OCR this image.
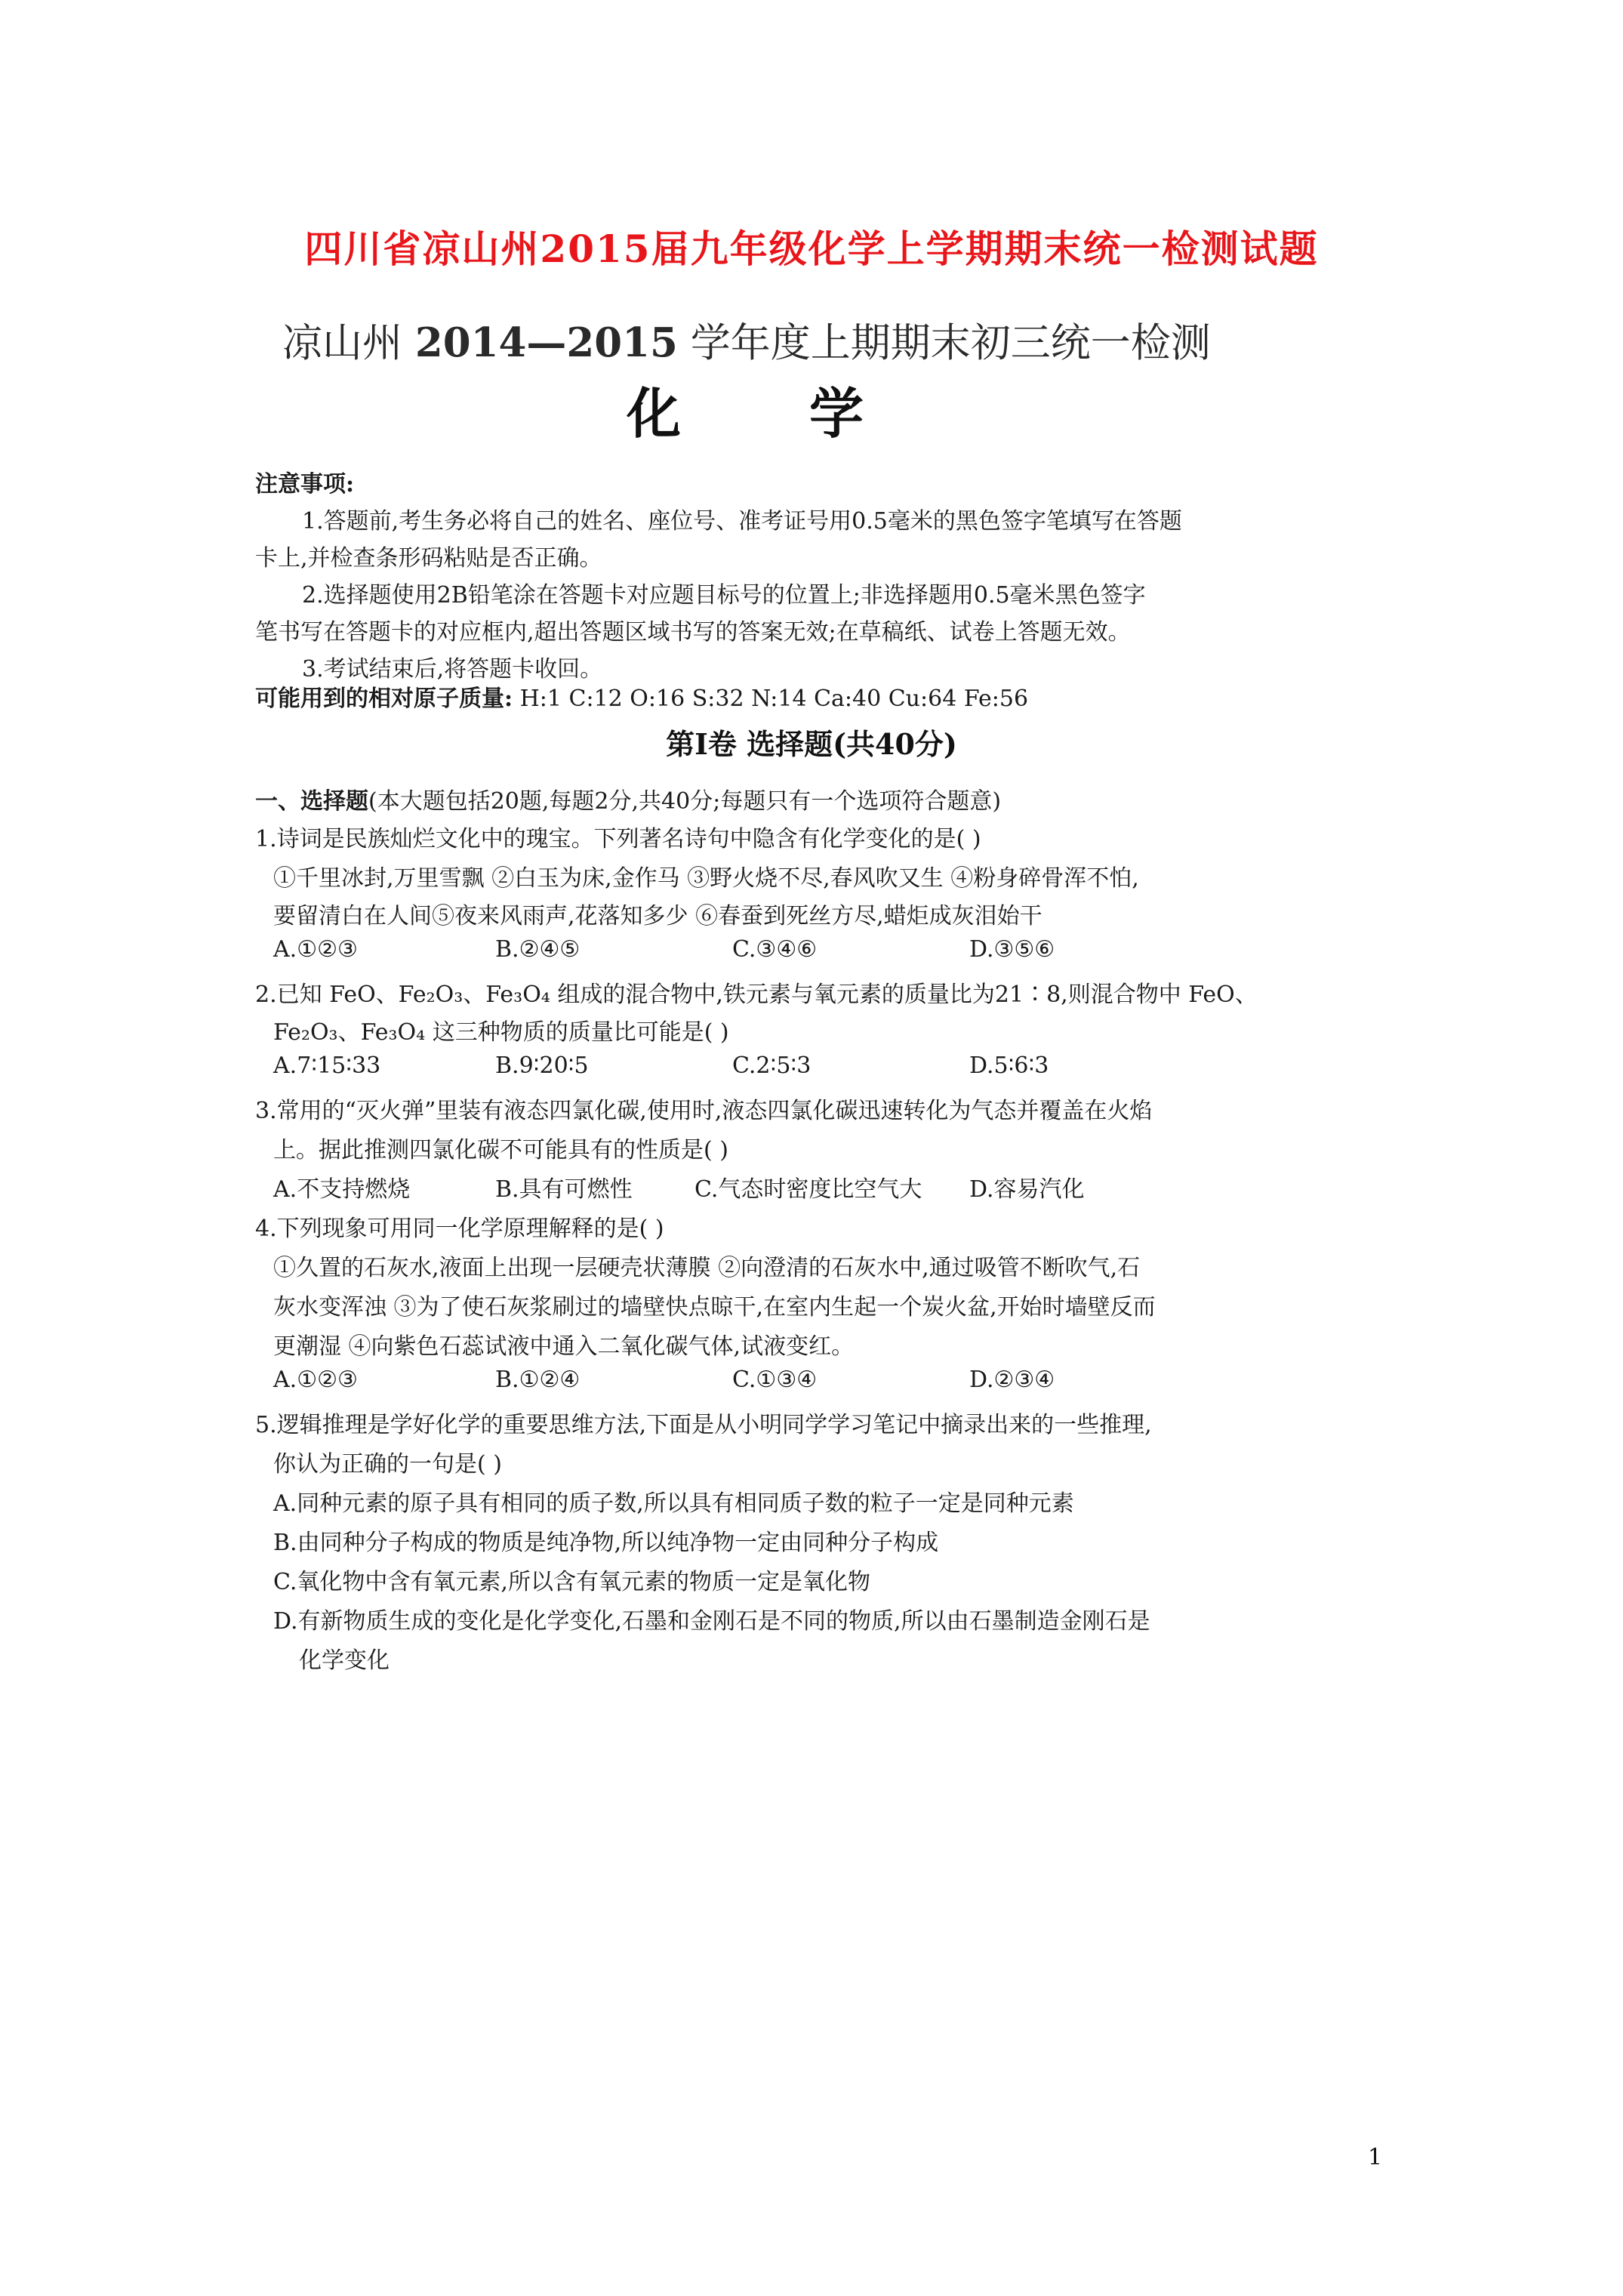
四川省凉山州2015届九年级化学上学期期末统一检测试题
凉山州 2014—2015 学年度上期期末初三统一检测
化 学
注意事项:
1.答题前,考生务必将自己的姓名、座位号、准考证号用0.5毫米的黑色签字笔填写在答题
卡上,并检查条形码粘贴是否正确。
2.选择题使用2B铅笔涂在答题卡对应题目标号的位置上;非选择题用0.5毫米黑色签字
笔书写在答题卡的对应框内,超出答题区域书写的答案无效;在草稿纸、试卷上答题无效。
3.考试结束后,将答题卡收回。
可能用到的相对原子质量: H:1 C:12 O:16 S:32 N:14 Ca:40 Cu:64 Fe:56
第Ⅰ卷 选择题(共40分)
一、选择题(本大题包括20题,每题2分,共40分;每题只有一个选项符合题意)
1.诗词是民族灿烂文化中的瑰宝。下列著名诗句中隐含有化学变化的是( )
①千里冰封,万里雪飘 ②白玉为床,金作马 ③野火烧不尽,春风吹又生 ④粉身碎骨浑不怕,
要留清白在人间⑤夜来风雨声,花落知多少 ⑥春蚕到死丝方尽,蜡炬成灰泪始干
A.①②③	B.②④⑤	C.③④⑥	D.③⑤⑥
2.已知 FeO、Fe₂O₃、Fe₃O₄ 组成的混合物中,铁元素与氧元素的质量比为21∶8,则混合物中 FeO、
Fe₂O₃、Fe₃O₄ 这三种物质的质量比可能是( )
A.7∶15∶33	B.9∶20∶5	C.2∶5∶3	D.5∶6∶3
3.常用的“灭火弹”里装有液态四氯化碳,使用时,液态四氯化碳迅速转化为气态并覆盖在火焰
上。据此推测四氯化碳不可能具有的性质是( )
A.不支持燃烧	B.具有可燃性	C.气态时密度比空气大 D.容易汽化
4.下列现象可用同一化学原理解释的是( )
①久置的石灰水,液面上出现一层硬壳状薄膜 ②向澄清的石灰水中,通过吸管不断吹气,石
灰水变浑浊 ③为了使石灰浆刷过的墙壁快点晾干,在室内生起一个炭火盆,开始时墙壁反而
更潮湿 ④向紫色石蕊试液中通入二氧化碳气体,试液变红。
A.①②③	B.①②④	C.①③④	D.②③④
5.逻辑推理是学好化学的重要思维方法,下面是从小明同学学习笔记中摘录出来的一些推理,
你认为正确的一句是( )
A.同种元素的原子具有相同的质子数,所以具有相同质子数的粒子一定是同种元素
B.由同种分子构成的物质是纯净物,所以纯净物一定由同种分子构成
C.氧化物中含有氧元素,所以含有氧元素的物质一定是氧化物
D.有新物质生成的变化是化学变化,石墨和金刚石是不同的物质,所以由石墨制造金刚石是
化学变化
1
